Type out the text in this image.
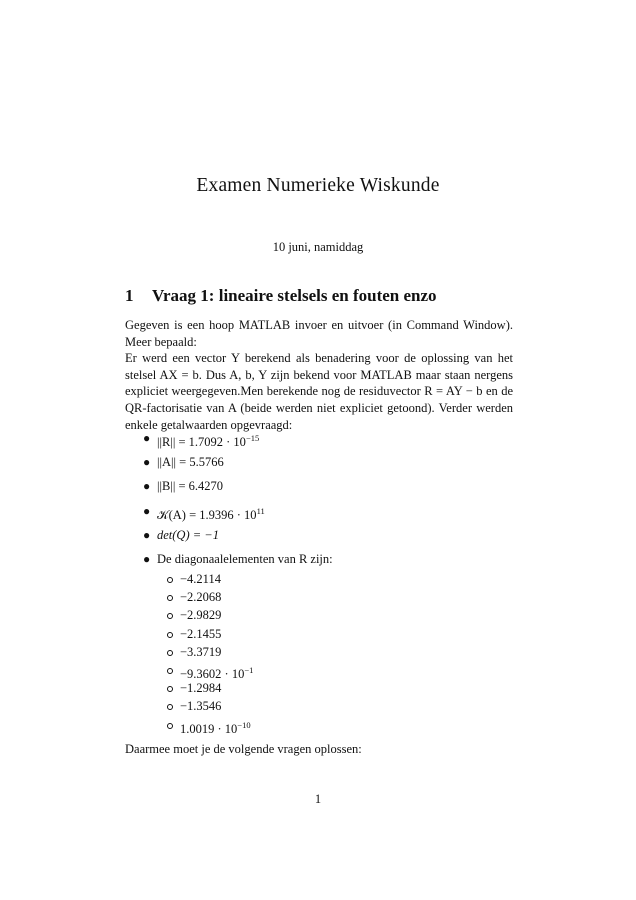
Examen Numerieke Wiskunde
10 juni, namiddag
1 Vraag 1: lineaire stelsels en fouten enzo

Gegeven is een hoop MATLAB invoer en uitvoer (in Command Window). Meer bepaald:

Er werd een vector Y berekend als benadering voor de oplossing van het stelsel AX = b. Dus A, b, Y zijn bekend voor MATLAB maar staan nergens expliciet weergegeven.Men berekende nog de residuvector R = AY − b en de QR-factorisatie van A (beide werden niet expliciet getoond). Verder werden enkele getalwaarden opgevraagd:

● $||R|| = 1.7092 \cdot 10^{-15}$
● ||A|| = 5.5766
● ||B|| = 6.4270
● 𝒦(A) = $1.9396 \cdot 10^{11}$
● det(Q) = −1
● De diagonaalelementen van R zijn:
−4.2114
−2.2068
−2.9829
−2.1455
−3.3719
$-9.3602 \cdot 10^{-1}$
−1.2984
−1.3546
$1.0019 \cdot 10^{-10}$
Daarmee moet je de volgende vragen oplossen:
1
